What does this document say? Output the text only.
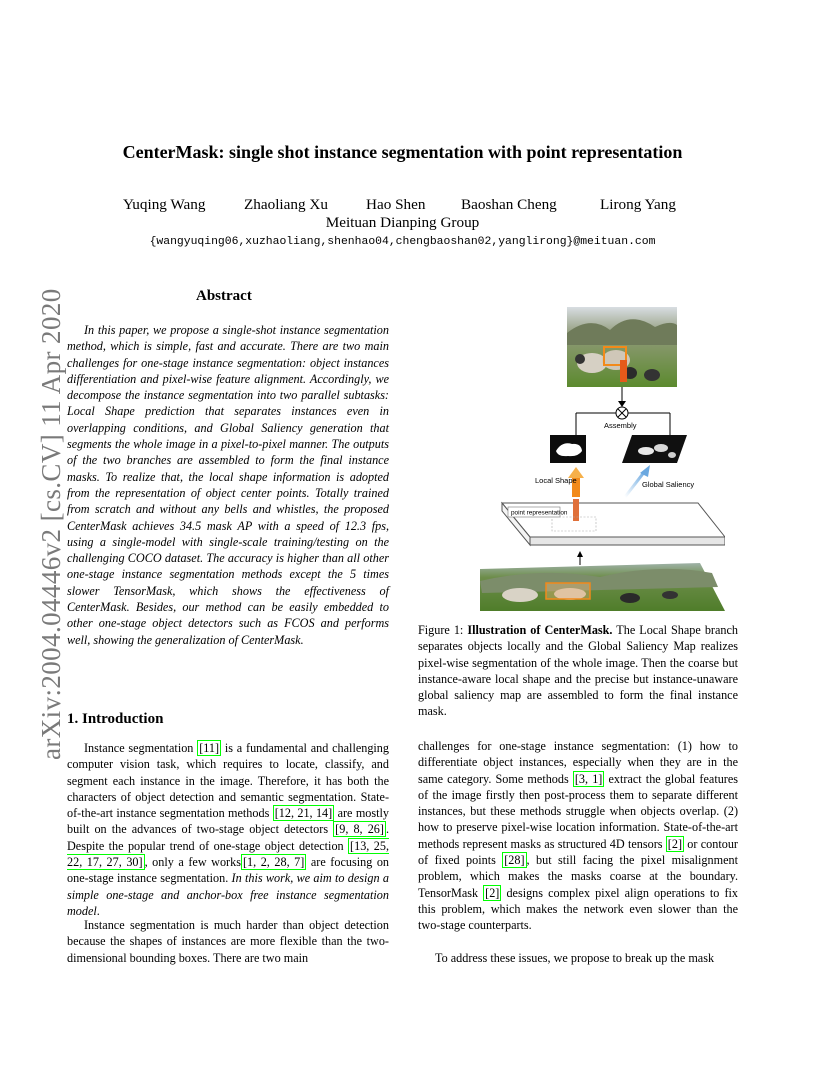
arXiv:2004.04446v2 [cs.CV] 11 Apr 2020
CenterMask: single shot instance segmentation with point representation
Yuqing Wang	Zhaoliang Xu	Hao Shen Baoshan Cheng	Lirong Yang
Meituan Dianping Group
{wangyuqing06,xuzhaoliang,shenhao04,chengbaoshan02,yanglirong}@meituan.com
Abstract

In this paper, we propose a single-shot instance segmentation method, which is simple, fast and accurate. There are two main challenges for one-stage instance segmentation: object instances differentiation and pixel-wise feature alignment. Accordingly, we decompose the instance segmentation into two parallel subtasks: Local Shape prediction that separates instances even in overlapping conditions, and Global Saliency generation that segments the whole image in a pixel-to-pixel manner. The outputs of the two branches are assembled to form the final instance masks. To realize that, the local shape information is adopted from the representation of object center points. Totally trained from scratch and without any bells and whistles, the proposed CenterMask achieves 34.5 mask AP with a speed of 12.3 fps, using a single-model with single-scale training/testing on the challenging COCO dataset. The accuracy is higher than all other one-stage instance segmentation methods except the 5 times slower TensorMask, which shows the effectiveness of CenterMask. Besides, our method can be easily embedded to other one-stage object detectors such as FCOS and performs well, showing the generalization of CenterMask.

1. Introduction

Instance segmentation [11] is a fundamental and challenging computer vision task, which requires to locate, classify, and segment each instance in the image. Therefore, it has both the characters of object detection and semantic segmentation. State-of-the-art instance segmentation methods [12, 21, 14] are mostly built on the advances of two-stage object detectors [9, 8, 26] . Despite the popular trend of one-stage object detection [13, 25, 22, 17, 27, 30] , only a few works [1, 2, 28, 7] are focusing on one-stage instance segmentation. In this work, we aim to design a simple one-stage and anchor-box free instance segmentation model.

Instance segmentation is much harder than object detection because the shapes of instances are more flexible than the two-dimensional bounding boxes. There are two main

Assembly
Local Shape	Global Saliency
point representation

Figure 1: Illustration of CenterMask. The Local Shape branch separates objects locally and the Global Saliency Map realizes pixel-wise segmentation of the whole image. Then the coarse but instance-aware local shape and the precise but instance-unaware global saliency map are assembled to form the final instance mask.

challenges for one-stage instance segmentation: (1) how to differentiate object instances, especially when they are in the same category. Some methods [3, 1] extract the global features of the image firstly then post-process them to separate different instances, but these methods struggle when objects overlap. (2) how to preserve pixel-wise location information. State-of-the-art methods represent masks as structured 4D tensors [2] or contour of fixed points [28] , but still facing the pixel misalignment problem, which makes the masks coarse at the boundary. TensorMask [2] designs complex pixel align operations to fix this problem, which makes the network even slower than the two-stage counterparts.

To address these issues, we propose to break up the mask
